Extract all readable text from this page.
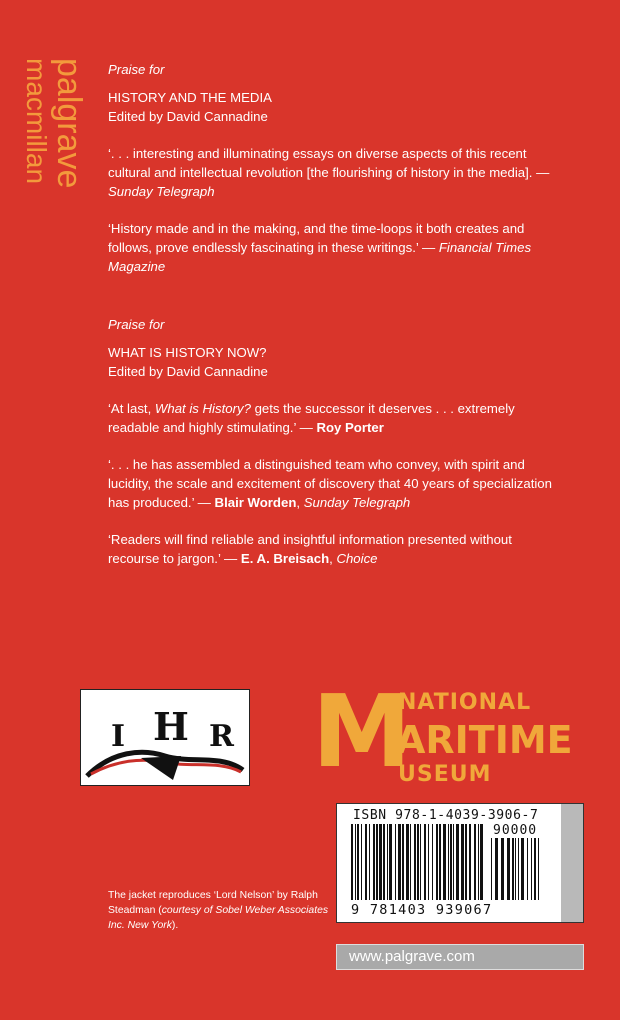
palgrave
macmillan	Praise for

HISTORY AND THE MEDIA

Edited by David Cannadine

‘. . . interesting and illuminating essays on diverse aspects of this recent cultural and intellectual revolution [the flourishing of history in the media]. — Sunday Telegraph

‘History made and in the making, and the time-loops it both creates and follows, prove endlessly fascinating in these writings.’ — Financial Times Magazine

Praise for

WHAT IS HISTORY NOW?

Edited by David Cannadine

‘At last, What is History? gets the successor it deserves . . . extremely readable and highly stimulating.’ — Roy Porter

‘. . . he has assembled a distinguished team who convey, with spirit and lucidity, the scale and excitement of discovery that 40 years of specialization has produced.’ — Blair Worden, Sunday Telegraph

‘Readers will find reliable and insightful information presented without recourse to jargon.’ — E. A. Breisach, Choice

I H R M
NATIONAL
ARITIME
USEUM
ISBN 978-1-4039-3906-7
90000
9 781403 939067
The jacket reproduces ‘Lord Nelson’ by Ralph Steadman (courtesy of Sobel Weber Associates Inc. New York).
www.palgrave.com
